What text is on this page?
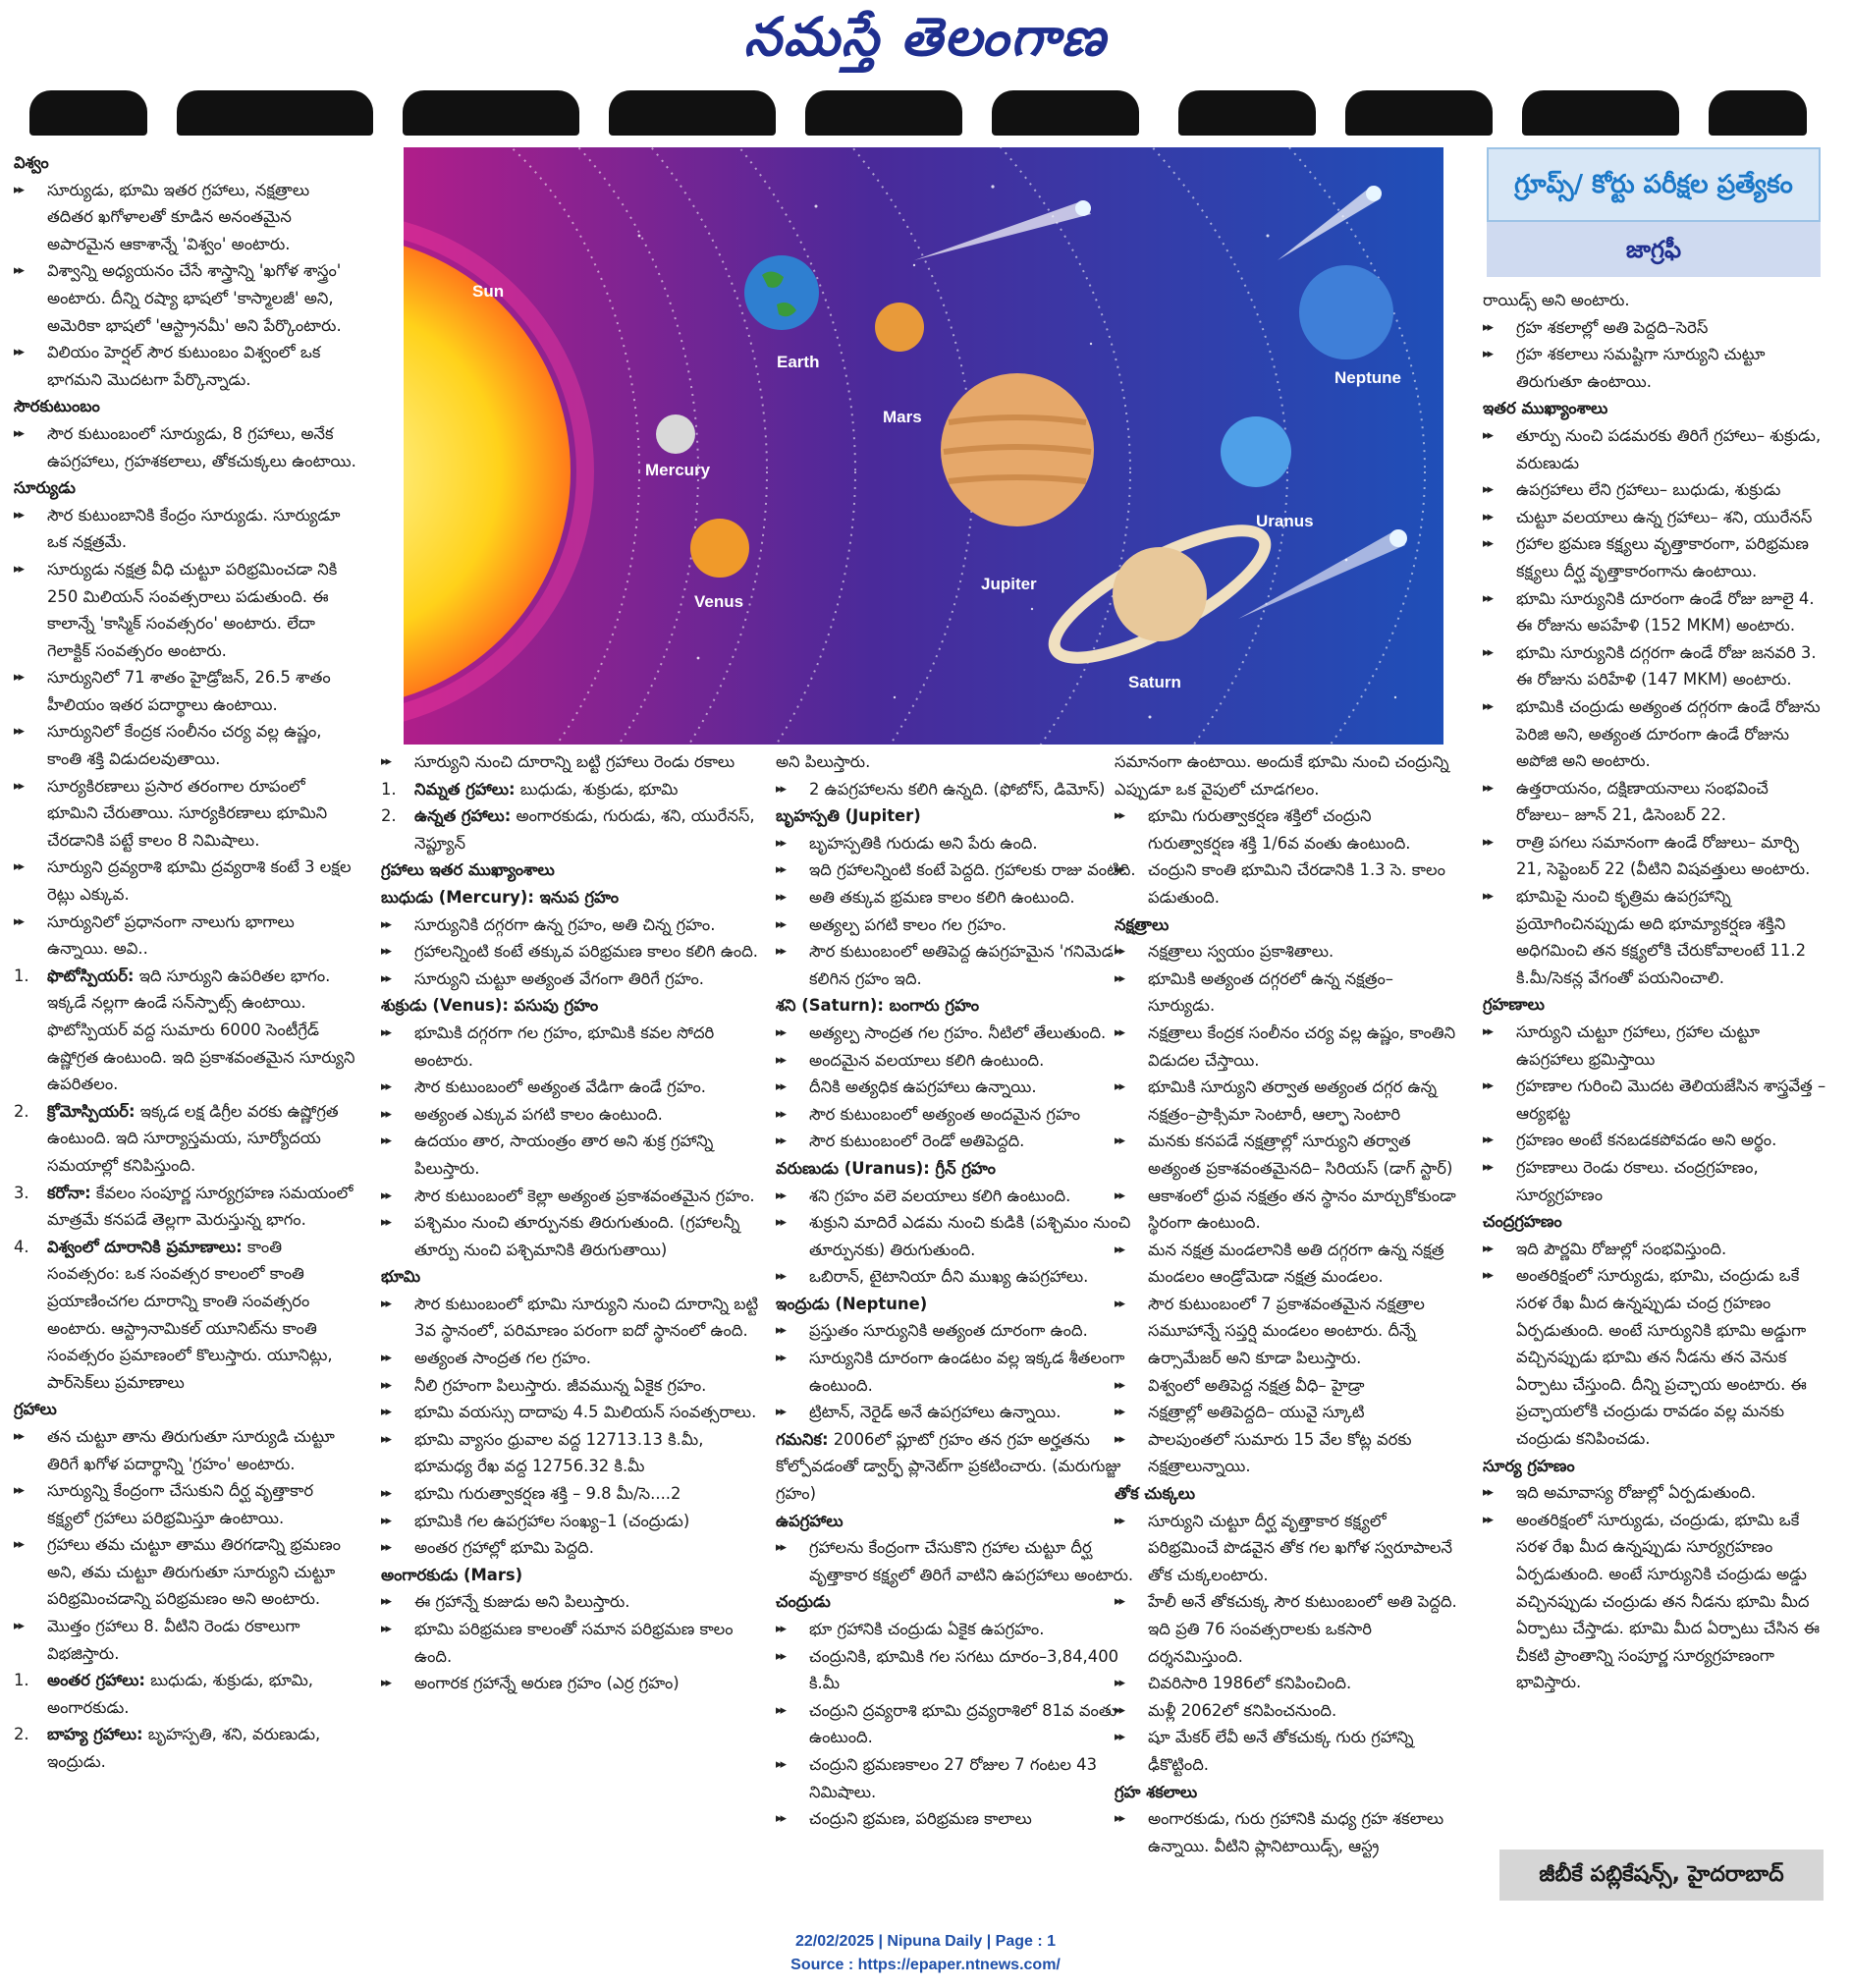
నమస్తే తెలంగాణ

విశ్వం

▸▸ సూర్యుడు, భూమి ఇతర గ్రహాలు, నక్షత్రాలు తదితర ఖగోళాలతో కూడిన అనంతమైన అపారమైన ఆకాశాన్నే 'విశ్వం' అంటారు.

▸▸ విశ్వాన్ని అధ్యయనం చేసే శాస్త్రాన్ని 'ఖగోళ శాస్త్రం' అంటారు. దీన్ని రష్యా భాషలో 'కాస్మాలజీ' అని, అమెరికా భాషలో 'ఆస్ట్రానమీ' అని పేర్కొంటారు.

▸▸ విలియం హెర్షల్‌ సౌర కుటుంబం విశ్వంలో ఒక భాగమని మొదటగా పేర్కొన్నాడు.

సౌరకుటుంబం

▸▸ సౌర కుటుంబంలో సూర్యుడు, 8 గ్రహాలు, అనేక ఉపగ్రహాలు, గ్రహశకలాలు, తోకచుక్కలు ఉంటాయి.

సూర్యుడు

▸▸ సౌర కుటుంబానికి కేంద్రం సూర్యుడు. సూర్యుడూ ఒక నక్షత్రమే.

▸▸ సూర్యుడు నక్షత్ర వీధి చుట్టూ పరిభ్రమించడా నికి 250 మిలియన్‌ సంవత్సరాలు పడుతుంది. ఈ కాలాన్నే 'కాస్మిక్‌ సంవత్సరం' అంటారు. లేదా గెలాక్టిక్‌ సంవత్సరం అంటారు.

▸▸ సూర్యునిలో 71 శాతం హైడ్రోజన్‌, 26.5 శాతం హీలియం ఇతర పదార్థాలు ఉంటాయి.

▸▸ సూర్యునిలో కేంద్రక సంలీనం చర్య వల్ల ఉష్ణం, కాంతి శక్తి విడుదలవుతాయి.

▸▸ సూర్యకిరణాలు ప్రసార తరంగాల రూపంలో భూమిని చేరుతాయి. సూర్యకిరణాలు భూమిని చేరడానికి పట్టే కాలం 8 నిమిషాలు.

▸▸ సూర్యుని ద్రవ్యరాశి భూమి ద్రవ్యరాశి కంటే 3 లక్షల రెట్లు ఎక్కువ.

▸▸ సూర్యునిలో ప్రధానంగా నాలుగు భాగాలు ఉన్నాయి. అవి..

1. ఫొటోస్పియర్‌: ఇది సూర్యుని ఉపరితల భాగం. ఇక్కడే నల్లగా ఉండే సన్‌స్పాట్స్‌ ఉంటాయి. ఫొటోస్పియర్‌ వద్ద సుమారు 6000 సెంటీగ్రేడ్‌ ఉష్ణోగ్రత ఉంటుంది. ఇది ప్రకాశవంతమైన సూర్యుని ఉపరితలం.

2. క్రోమోస్పియర్‌: ఇక్కడ లక్ష డిగ్రీల వరకు ఉష్ణోగ్రత ఉంటుంది. ఇది సూర్యాస్తమయ, సూర్యోదయ సమయాల్లో కనిపిస్తుంది.

3. కరోనా: కేవలం సంపూర్ణ సూర్యగ్రహణ సమయంలో మాత్రమే కనపడే తెల్లగా మెరుస్తున్న భాగం.

4. విశ్వంలో దూరానికి ప్రమాణాలు: కాంతి సంవత్సరం: ఒక సంవత్సర కాలంలో కాంతి ప్రయాణించగల దూరాన్ని కాంతి సంవత్సరం అంటారు. ఆస్ట్రానామికల్‌ యూనిట్‌ను కాంతి సంవత్సరం ప్రమాణంలో కొలుస్తారు. యూనిట్లు, పార్‌సెక్‌లు ప్రమాణాలు

గ్రహాలు

▸▸ తన చుట్టూ తాను తిరుగుతూ సూర్యుడి చుట్టూ తిరిగే ఖగోళ పదార్థాన్ని 'గ్రహం' అంటారు.

▸▸ సూర్యున్ని కేంద్రంగా చేసుకుని దీర్ఘ వృత్తాకార కక్ష్యలో గ్రహాలు పరిభ్రమిస్తూ ఉంటాయి.

▸▸ గ్రహాలు తమ చుట్టూ తాము తిరగడాన్ని భ్రమణం అని, తమ చుట్టూ తిరుగుతూ సూర్యుని చుట్టూ పరిభ్రమించడాన్ని పరిభ్రమణం అని అంటారు.

▸▸ మొత్తం గ్రహాలు 8. వీటిని రెండు రకాలుగా విభజిస్తారు.

1. అంతర గ్రహాలు: బుధుడు, శుక్రుడు, భూమి, అంగారకుడు.

2. బాహ్య గ్రహాలు: బృహస్పతి, శని, వరుణుడు, ఇంద్రుడు.

Sun
Mercury
Venus
Earth
Mars
Jupiter
Saturn
Uranus
Neptune

▸▸ సూర్యుని నుంచి దూరాన్ని బట్టి గ్రహాలు రెండు రకాలు

1. నిమ్నత గ్రహాలు: బుధుడు, శుక్రుడు, భూమి

2. ఉన్నత గ్రహాలు: అంగారకుడు, గురుడు, శని, యురేనస్‌, నెప్ట్యూన్‌

గ్రహాలు ఇతర ముఖ్యాంశాలు

బుధుడు (Mercury): ఇనుప గ్రహం

▸▸ సూర్యునికి దగ్గరగా ఉన్న గ్రహం, అతి చిన్న గ్రహం.

▸▸ గ్రహాలన్నింటి కంటే తక్కువ పరిభ్రమణ కాలం కలిగి ఉంది.

▸▸ సూర్యుని చుట్టూ అత్యంత వేగంగా తిరిగే గ్రహం.

శుక్రుడు (Venus): పసుపు గ్రహం

▸▸ భూమికి దగ్గరగా గల గ్రహం, భూమికి కవల సోదరి అంటారు.

▸▸ సౌర కుటుంబంలో అత్యంత వేడిగా ఉండే గ్రహం.

▸▸ అత్యంత ఎక్కువ పగటి కాలం ఉంటుంది.

▸▸ ఉదయం తార, సాయంత్రం తార అని శుక్ర గ్రహాన్ని పిలుస్తారు.

▸▸ సౌర కుటుంబంలో కెల్లా అత్యంత ప్రకాశవంతమైన గ్రహం.

▸▸ పశ్చిమం నుంచి తూర్పునకు తిరుగుతుంది. (గ్రహాలన్నీ తూర్పు నుంచి పశ్చిమానికి తిరుగుతాయి)

భూమి

▸▸ సౌర కుటుంబంలో భూమి సూర్యుని నుంచి దూరాన్ని బట్టి 3వ స్థానంలో, పరిమాణం పరంగా ఐదో స్థానంలో ఉంది.

▸▸ అత్యంత సాంద్రత గల గ్రహం.

▸▸ నీలి గ్రహంగా పిలుస్తారు. జీవమున్న ఏకైక గ్రహం.

▸▸ భూమి వయస్సు దాదాపు 4.5 మిలియన్‌ సంవత్సరాలు.

▸▸ భూమి వ్యాసం ధ్రువాల వద్ద 12713.13 కి.మీ, భూమధ్య రేఖ వద్ద 12756.32 కి.మీ

▸▸ భూమి గురుత్వాకర్షణ శక్తి – 9.8 మీ/సె....2

▸▸ భూమికి గల ఉపగ్రహాల సంఖ్య–1 (చంద్రుడు)

▸▸ అంతర గ్రహాల్లో భూమి పెద్దది.

అంగారకుడు (Mars)

▸▸ ఈ గ్రహాన్నే కుజుడు అని పిలుస్తారు.

▸▸ భూమి పరిభ్రమణ కాలంతో సమాన పరిభ్రమణ కాలం ఉంది.

▸▸ అంగారక గ్రహాన్నే అరుణ గ్రహం (ఎర్ర గ్రహం)

అని పిలుస్తారు.

▸▸ 2 ఉపగ్రహాలను కలిగి ఉన్నది. (ఫోబోస్‌, డిమోస్‌)

బృహస్పతి (Jupiter)

▸▸ బృహస్పతికి గురుడు అని పేరు ఉంది.

▸▸ ఇది గ్రహాలన్నింటి కంటే పెద్దది. గ్రహాలకు రాజు వంటిది.

▸▸ అతి తక్కువ భ్రమణ కాలం కలిగి ఉంటుంది.

▸▸ అత్యల్ప పగటి కాలం గల గ్రహం.

▸▸ సౌర కుటుంబంలో అతిపెద్ద ఉపగ్రహమైన 'గనిమెడ' కలిగిన గ్రహం ఇది.

శని (Saturn): బంగారు గ్రహం

▸▸ అత్యల్ప సాంద్రత గల గ్రహం. నీటిలో తేలుతుంది.

▸▸ అందమైన వలయాలు కలిగి ఉంటుంది.

▸▸ దీనికి అత్యధిక ఉపగ్రహాలు ఉన్నాయి.

▸▸ సౌర కుటుంబంలో అత్యంత అందమైన గ్రహం

▸▸ సౌర కుటుంబంలో రెండో అతిపెద్దది.

వరుణుడు (Uranus): గ్రీన్‌ గ్రహం

▸▸ శని గ్రహం వలె వలయాలు కలిగి ఉంటుంది.

▸▸ శుక్రుని మాదిరే ఎడమ నుంచి కుడికి (పశ్చిమం నుంచి తూర్పునకు) తిరుగుతుంది.

▸▸ ఒబిరాన్‌, టైటానియా దీని ముఖ్య ఉపగ్రహాలు.

ఇంద్రుడు (Neptune)

▸▸ ప్రస్తుతం సూర్యునికి అత్యంత దూరంగా ఉంది.

▸▸ సూర్యునికి దూరంగా ఉండటం వల్ల ఇక్కడ శీతలంగా ఉంటుంది.

▸▸ ట్రిటాన్‌, నెరైడ్‌ అనే ఉపగ్రహాలు ఉన్నాయి.

గమనిక: 2006లో ప్లూటో గ్రహం తన గ్రహ అర్హతను కోల్పోవడంతో డ్వార్ఫ్‌ ప్లానెట్‌గా ప్రకటించారు. (మరుగుజ్జు గ్రహం)

ఉపగ్రహాలు

▸▸ గ్రహాలను కేంద్రంగా చేసుకొని గ్రహాల చుట్టూ దీర్ఘ వృత్తాకార కక్ష్యలో తిరిగే వాటిని ఉపగ్రహాలు అంటారు.

చంద్రుడు

▸▸ భూ గ్రహానికి చంద్రుడు ఏకైక ఉపగ్రహం.

▸▸ చంద్రునికి, భూమికి గల సగటు దూరం–3,84,400 కి.మీ

▸▸ చంద్రుని ద్రవ్యరాశి భూమి ద్రవ్యరాశిలో 81వ వంతు ఉంటుంది.

▸▸ చంద్రుని భ్రమణకాలం 27 రోజుల 7 గంటల 43 నిమిషాలు.

▸▸ చంద్రుని భ్రమణ, పరిభ్రమణ కాలాలు

సమానంగా ఉంటాయి. అందుకే భూమి నుంచి చంద్రున్ని ఎప్పుడూ ఒక వైపులో చూడగలం.

▸▸ భూమి గురుత్వాకర్షణ శక్తిలో చంద్రుని గురుత్వాకర్షణ శక్తి 1/6వ వంతు ఉంటుంది.

▸▸ చంద్రుని కాంతి భూమిని చేరడానికి 1.3 సె. కాలం పడుతుంది.

నక్షత్రాలు

▸▸ నక్షత్రాలు స్వయం ప్రకాశితాలు.

▸▸ భూమికి అత్యంత దగ్గరలో ఉన్న నక్షత్రం– సూర్యుడు.

▸▸ నక్షత్రాలు కేంద్రక సంలీనం చర్య వల్ల ఉష్ణం, కాంతిని విడుదల చేస్తాయి.

▸▸ భూమికి సూర్యుని తర్వాత అత్యంత దగ్గర ఉన్న నక్షత్రం–ప్రాక్సిమా సెంటారీ, ఆల్ఫా సెంటారి

▸▸ మనకు కనపడే నక్షత్రాల్లో సూర్యుని తర్వాత అత్యంత ప్రకాశవంతమైనది– సిరియస్‌ (డాగ్‌ స్టార్‌)

▸▸ ఆకాశంలో ధ్రువ నక్షత్రం తన స్థానం మార్చుకోకుండా స్థిరంగా ఉంటుంది.

▸▸ మన నక్షత్ర మండలానికి అతి దగ్గరగా ఉన్న నక్షత్ర మండలం ఆండ్రోమెడా నక్షత్ర మండలం.

▸▸ సౌర కుటుంబంలో 7 ప్రకాశవంతమైన నక్షత్రాల సమూహాన్నే సప్తర్షి మండలం అంటారు. దీన్నే ఉర్సామేజర్‌ అని కూడా పిలుస్తారు.

▸▸ విశ్వంలో అతిపెద్ద నక్షత్ర వీధి– హైడ్రా

▸▸ నక్షత్రాల్లో అతిపెద్దది– యువై స్కూటి

▸▸ పాలపుంతలో సుమారు 15 వేల కోట్ల వరకు నక్షత్రాలున్నాయి.

తోక చుక్కలు

▸▸ సూర్యుని చుట్టూ దీర్ఘ వృత్తాకార కక్ష్యలో పరిభ్రమించే పొడవైన తోక గల ఖగోళ స్వరూపాలనే తోక చుక్కలంటారు.

▸▸ హేలీ అనే తోకచుక్క సౌర కుటుంబంలో అతి పెద్దది. ఇది ప్రతి 76 సంవత్సరాలకు ఒకసారి దర్శనమిస్తుంది.

▸▸ చివరిసారి 1986లో కనిపించింది.

▸▸ మళ్లీ 2062లో కనిపించనుంది.

▸▸ షూ మేకర్‌ లేవీ అనే తోకచుక్క గురు గ్రహాన్ని ఢీకొట్టింది.

గ్రహ శకలాలు

▸▸ అంగారకుడు, గురు గ్రహానికి మధ్య గ్రహ శకలాలు ఉన్నాయి. వీటిని ప్లానిటాయిడ్స్‌, ఆస్ట్ర

గ్రూప్స్‌/ కోర్టు పరీక్షల ప్రత్యేకం
జాగ్రఫీ

రాయిడ్స్‌ అని అంటారు.

▸▸ గ్రహ శకలాల్లో అతి పెద్దది–సెరెస్‌

▸▸ గ్రహ శకలాలు సమష్టిగా సూర్యుని చుట్టూ తిరుగుతూ ఉంటాయి.

ఇతర ముఖ్యాంశాలు

▸▸ తూర్పు నుంచి పడమరకు తిరిగే గ్రహాలు– శుక్రుడు, వరుణుడు

▸▸ ఉపగ్రహాలు లేని గ్రహాలు– బుధుడు, శుక్రుడు

▸▸ చుట్టూ వలయాలు ఉన్న గ్రహాలు– శని, యురేనస్‌

▸▸ గ్రహాల భ్రమణ కక్ష్యలు వృత్తాకారంగా, పరిభ్రమణ కక్ష్యలు దీర్ఘ వృత్తాకారంగాను ఉంటాయి.

▸▸ భూమి సూర్యునికి దూరంగా ఉండే రోజు జూలై 4. ఈ రోజును అపహేళి (152 MKM) అంటారు.

▸▸ భూమి సూర్యునికి దగ్గరగా ఉండే రోజు జనవరి 3. ఈ రోజును పరిహేళి (147 MKM) అంటారు.

▸▸ భూమికి చంద్రుడు అత్యంత దగ్గరగా ఉండే రోజును పెరిజి అని, అత్యంత దూరంగా ఉండే రోజును అపోజి అని అంటారు.

▸▸ ఉత్తరాయనం, దక్షిణాయనాలు సంభవించే రోజులు– జూన్‌ 21, డిసెంబర్‌ 22.

▸▸ రాత్రి పగలు సమానంగా ఉండే రోజులు– మార్చి 21, సెప్టెంబర్‌ 22 (వీటిని విషవత్తులు అంటారు.

▸▸ భూమిపై నుంచి కృత్రిమ ఉపగ్రహాన్ని ప్రయోగించినప్పుడు అది భూమ్యాకర్షణ శక్తిని అధిగమించి తన కక్ష్యలోకి చేరుకోవాలంటే 11.2 కి.మీ/సెకన్ల వేగంతో పయనించాలి.

గ్రహణాలు

▸▸ సూర్యుని చుట్టూ గ్రహాలు, గ్రహాల చుట్టూ ఉపగ్రహాలు భ్రమిస్తాయి

▸▸ గ్రహణాల గురించి మొదట తెలియజేసిన శాస్త్రవేత్త – ఆర్యభట్ట

▸▸ గ్రహణం అంటే కనబడకపోవడం అని అర్థం.

▸▸ గ్రహణాలు రెండు రకాలు. చంద్రగ్రహణం, సూర్యగ్రహణం

చంద్రగ్రహణం

▸▸ ఇది పౌర్ణమి రోజుల్లో సంభవిస్తుంది.

▸▸ అంతరిక్షంలో సూర్యుడు, భూమి, చంద్రుడు ఒకే సరళ రేఖ మీద ఉన్నప్పుడు చంద్ర గ్రహణం ఏర్పడుతుంది. అంటే సూర్యునికి భూమి అడ్డుగా వచ్చినప్పుడు భూమి తన నీడను తన వెనుక ఏర్పాటు చేస్తుంది. దీన్ని ప్రచ్ఛాయ అంటారు. ఈ ప్రచ్ఛాయలోకి చంద్రుడు రావడం వల్ల మనకు చంద్రుడు కనిపించడు.

సూర్య గ్రహణం

▸▸ ఇది అమావాస్య రోజుల్లో ఏర్పడుతుంది.

▸▸ అంతరిక్షంలో సూర్యుడు, చంద్రుడు, భూమి ఒకే సరళ రేఖ మీద ఉన్నప్పుడు సూర్యగ్రహణం ఏర్పడుతుంది. అంటే సూర్యునికి చంద్రుడు అడ్డు వచ్చినప్పుడు చంద్రుడు తన నీడను భూమి మీద ఏర్పాటు చేస్తాడు. భూమి మీద ఏర్పాటు చేసిన ఈ చీకటి ప్రాంతాన్ని సంపూర్ణ సూర్యగ్రహణంగా భావిస్తారు.

జీబీకే పబ్లికేషన్స్‌, హైదరాబాద్‌
22/02/2025 | Nipuna Daily | Page : 1
Source : https://epaper.ntnews.com/
